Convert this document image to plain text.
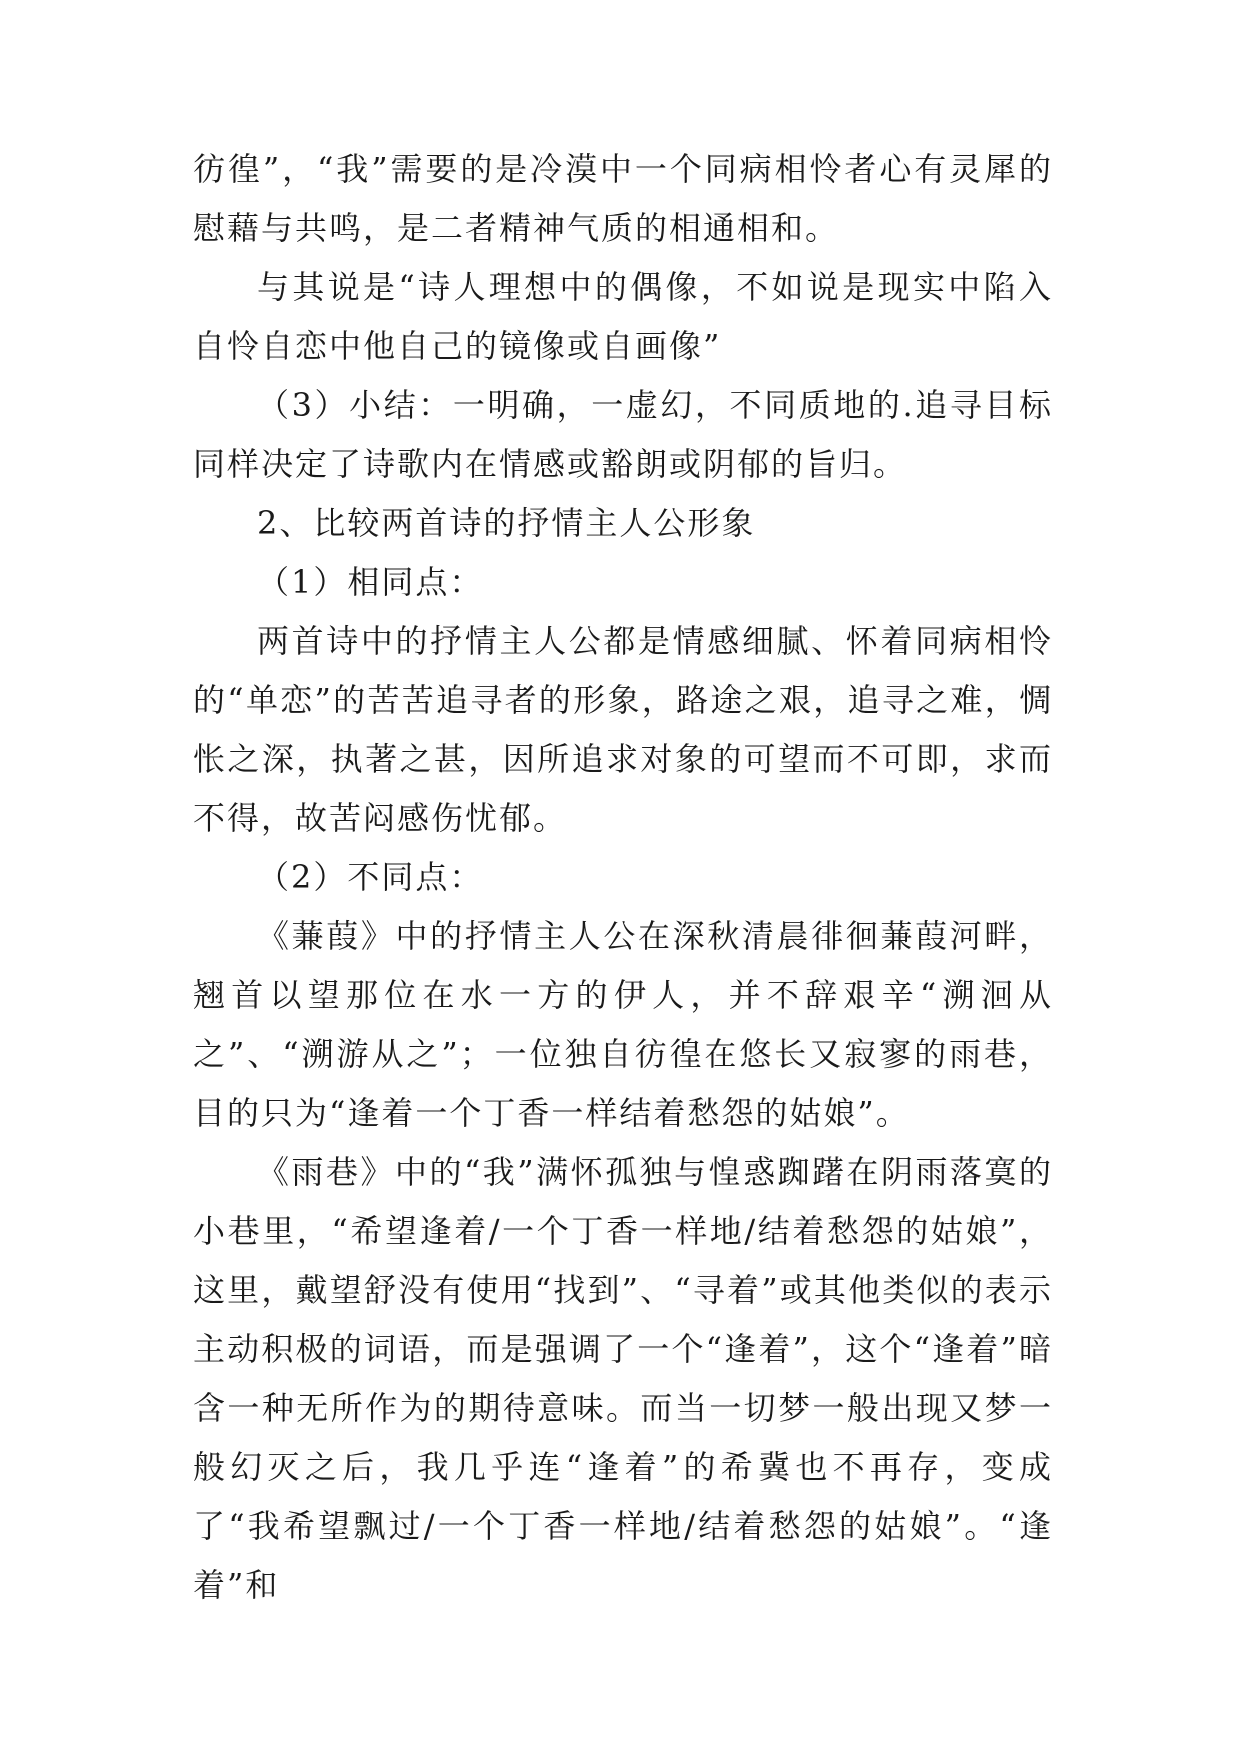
彷徨”，“我”需要的是冷漠中一个同病相怜者心有灵犀的慰藉与共鸣，是二者精神气质的相通相和。

与其说是“诗人理想中的偶像，不如说是现实中陷入自怜自恋中他自己的镜像或自画像”

（3）小结：一明确，一虚幻，不同质地的.追寻目标同样决定了诗歌内在情感或豁朗或阴郁的旨归。

2、比较两首诗的抒情主人公形象

（1）相同点：

两首诗中的抒情主人公都是情感细腻、怀着同病相怜的“单恋”的苦苦追寻者的形象，路途之艰，追寻之难，惆怅之深，执著之甚，因所追求对象的可望而不可即，求而不得，故苦闷感伤忧郁。

（2）不同点：

《蒹葭》中的抒情主人公在深秋清晨徘徊蒹葭河畔，翘首以望那位在水一方的伊人，并不辞艰辛“溯洄从之”、“溯游从之”；一位独自彷徨在悠长又寂寥的雨巷，目的只为“逢着一个丁香一样结着愁怨的姑娘”。

《雨巷》中的“我”满怀孤独与惶惑踟躇在阴雨落寞的小巷里，“希望逢着/一个丁香一样地/结着愁怨的姑娘”，这里，戴望舒没有使用“找到”、“寻着”或其他类似的表示主动积极的词语，而是强调了一个“逢着”，这个“逢着”暗含一种无所作为的期待意味。而当一切梦一般出现又梦一般幻灭之后，我几乎连“逢着”的希冀也不再存，变成了“我希望飘过/一个丁香一样地/结着愁怨的姑娘”。“逢着”和
